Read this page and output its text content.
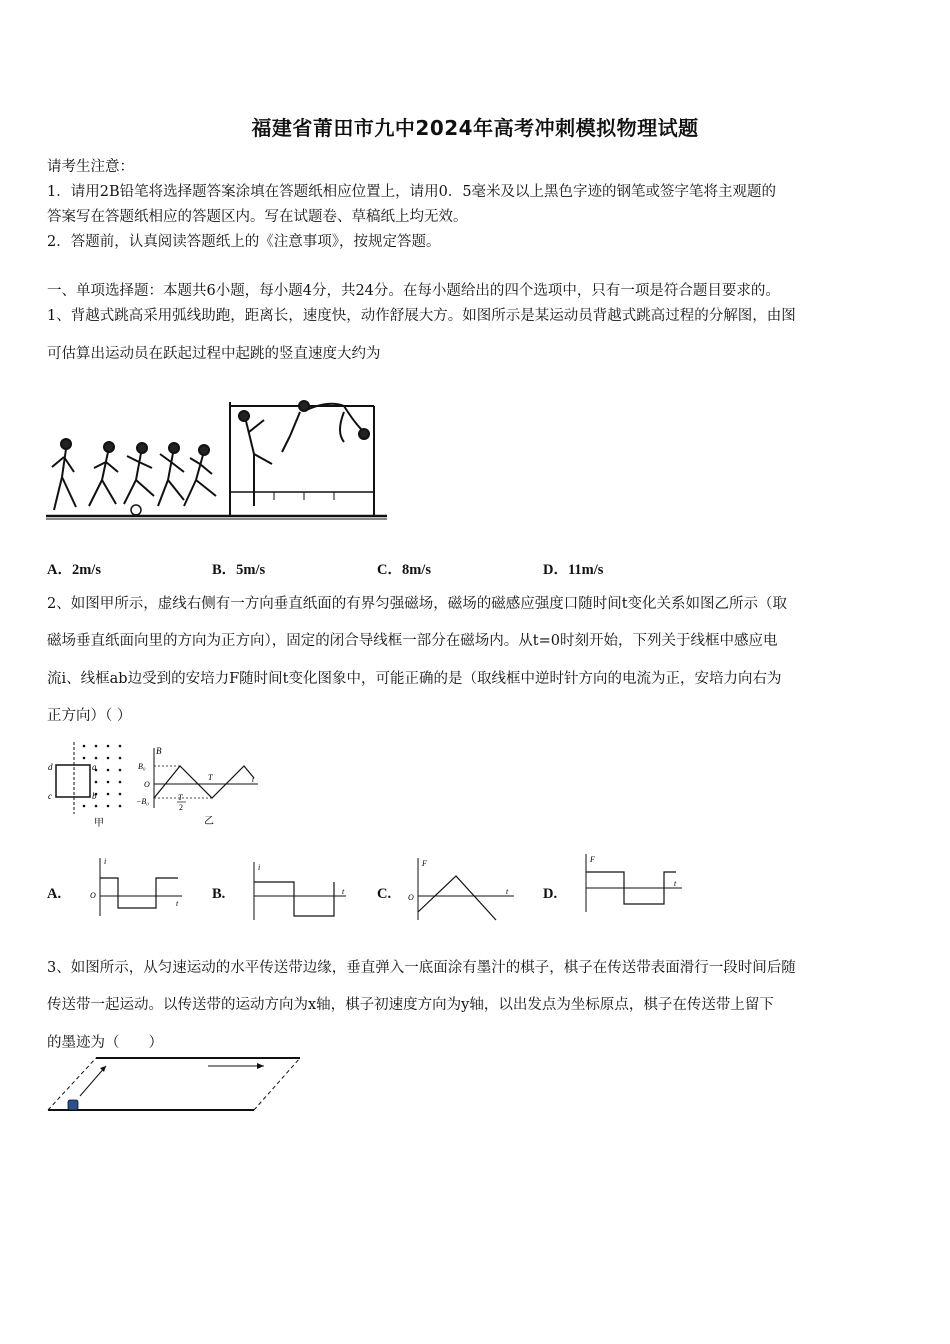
福建省莆田市九中2024年高考冲刺模拟物理试题
请考生注意：
1．请用2B铅笔将选择题答案涂填在答题纸相应位置上，请用0．5毫米及以上黑色字迹的钢笔或签字笔将主观题的
答案写在答题纸相应的答题区内。写在试题卷、草稿纸上均无效。
2．答题前，认真阅读答题纸上的《注意事项》，按规定答题。
一、单项选择题：本题共6小题，每小题4分，共24分。在每小题给出的四个选项中，只有一项是符合题目要求的。
1、背越式跳高采用弧线助跑，距离长，速度快，动作舒展大方。如图所示是某运动员背越式跳高过程的分解图，由图
可估算出运动员在跃起过程中起跳的竖直速度大约为
A．2m/s	B．5m/s	C．8m/s	D．11m/s
2、如图甲所示，虚线右侧有一方向垂直纸面的有界匀强磁场，磁场的磁感应强度口随时间t变化关系如图乙所示（取
磁场垂直纸面向里的方向为正方向），固定的闭合导线框一部分在磁场内。从t=0时刻开始，下列关于线框中感应电
流i、线框ab边受到的安培力F随时间t变化图象中，可能正确的是（取线框中逆时针方向的电流为正，安培力向右为
正方向）（ ）
d
c
a
b
甲
B
B₀
O
−B₀	T
2
T	t
乙
A.
i
O
t
B.
i
t C.
F
O
t D.
F
t
3、如图所示，从匀速运动的水平传送带边缘，垂直弹入一底面涂有墨汁的棋子，棋子在传送带表面滑行一段时间后随
传送带一起运动。以传送带的运动方向为x轴，棋子初速度方向为y轴，以出发点为坐标原点，棋子在传送带上留下
的墨迹为（　　）
